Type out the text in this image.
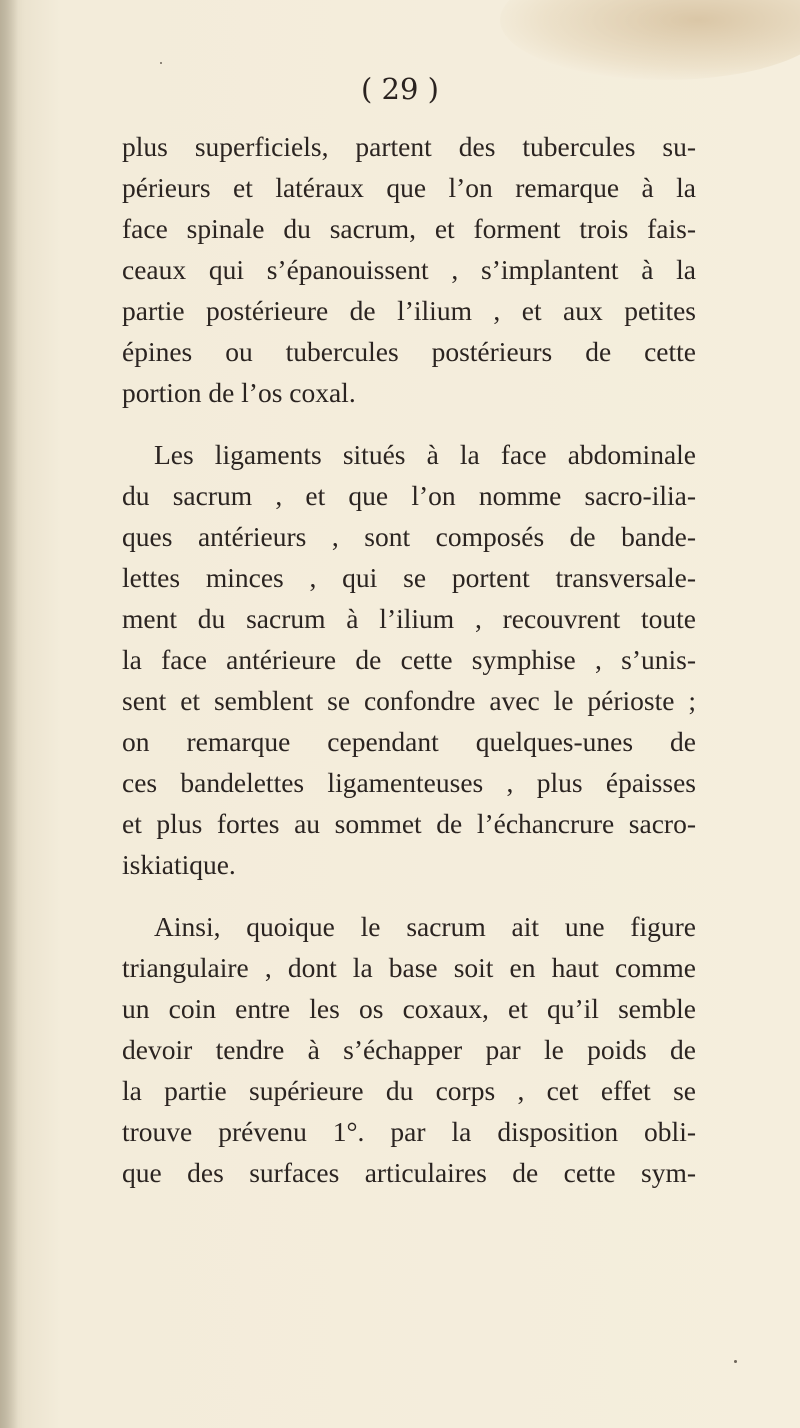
( 29 )
plus superficiels, partent des tubercules su-
périeurs et latéraux que l’on remarque à la
face spinale du sacrum, et forment trois fais-
ceaux qui s’épanouissent , s’implantent à la
partie postérieure de l’ilium , et aux petites
épines ou tubercules postérieurs de cette
portion de l’os coxal.
Les ligaments situés à la face abdominale
du sacrum , et que l’on nomme sacro-ilia-
ques antérieurs , sont composés de bande-
lettes minces , qui se portent transversale-
ment du sacrum à l’ilium , recouvrent toute
la face antérieure de cette symphise , s’unis-
sent et semblent se confondre avec le périoste ;
on remarque cependant quelques-unes de
ces bandelettes ligamenteuses , plus épaisses
et plus fortes au sommet de l’échancrure sacro-
iskiatique.
Ainsi, quoique le sacrum ait une figure
triangulaire , dont la base soit en haut comme
un coin entre les os coxaux, et qu’il semble
devoir tendre à s’échapper par le poids de
la partie supérieure du corps , cet effet se
trouve prévenu 1°. par la disposition obli-
que des surfaces articulaires de cette sym-
